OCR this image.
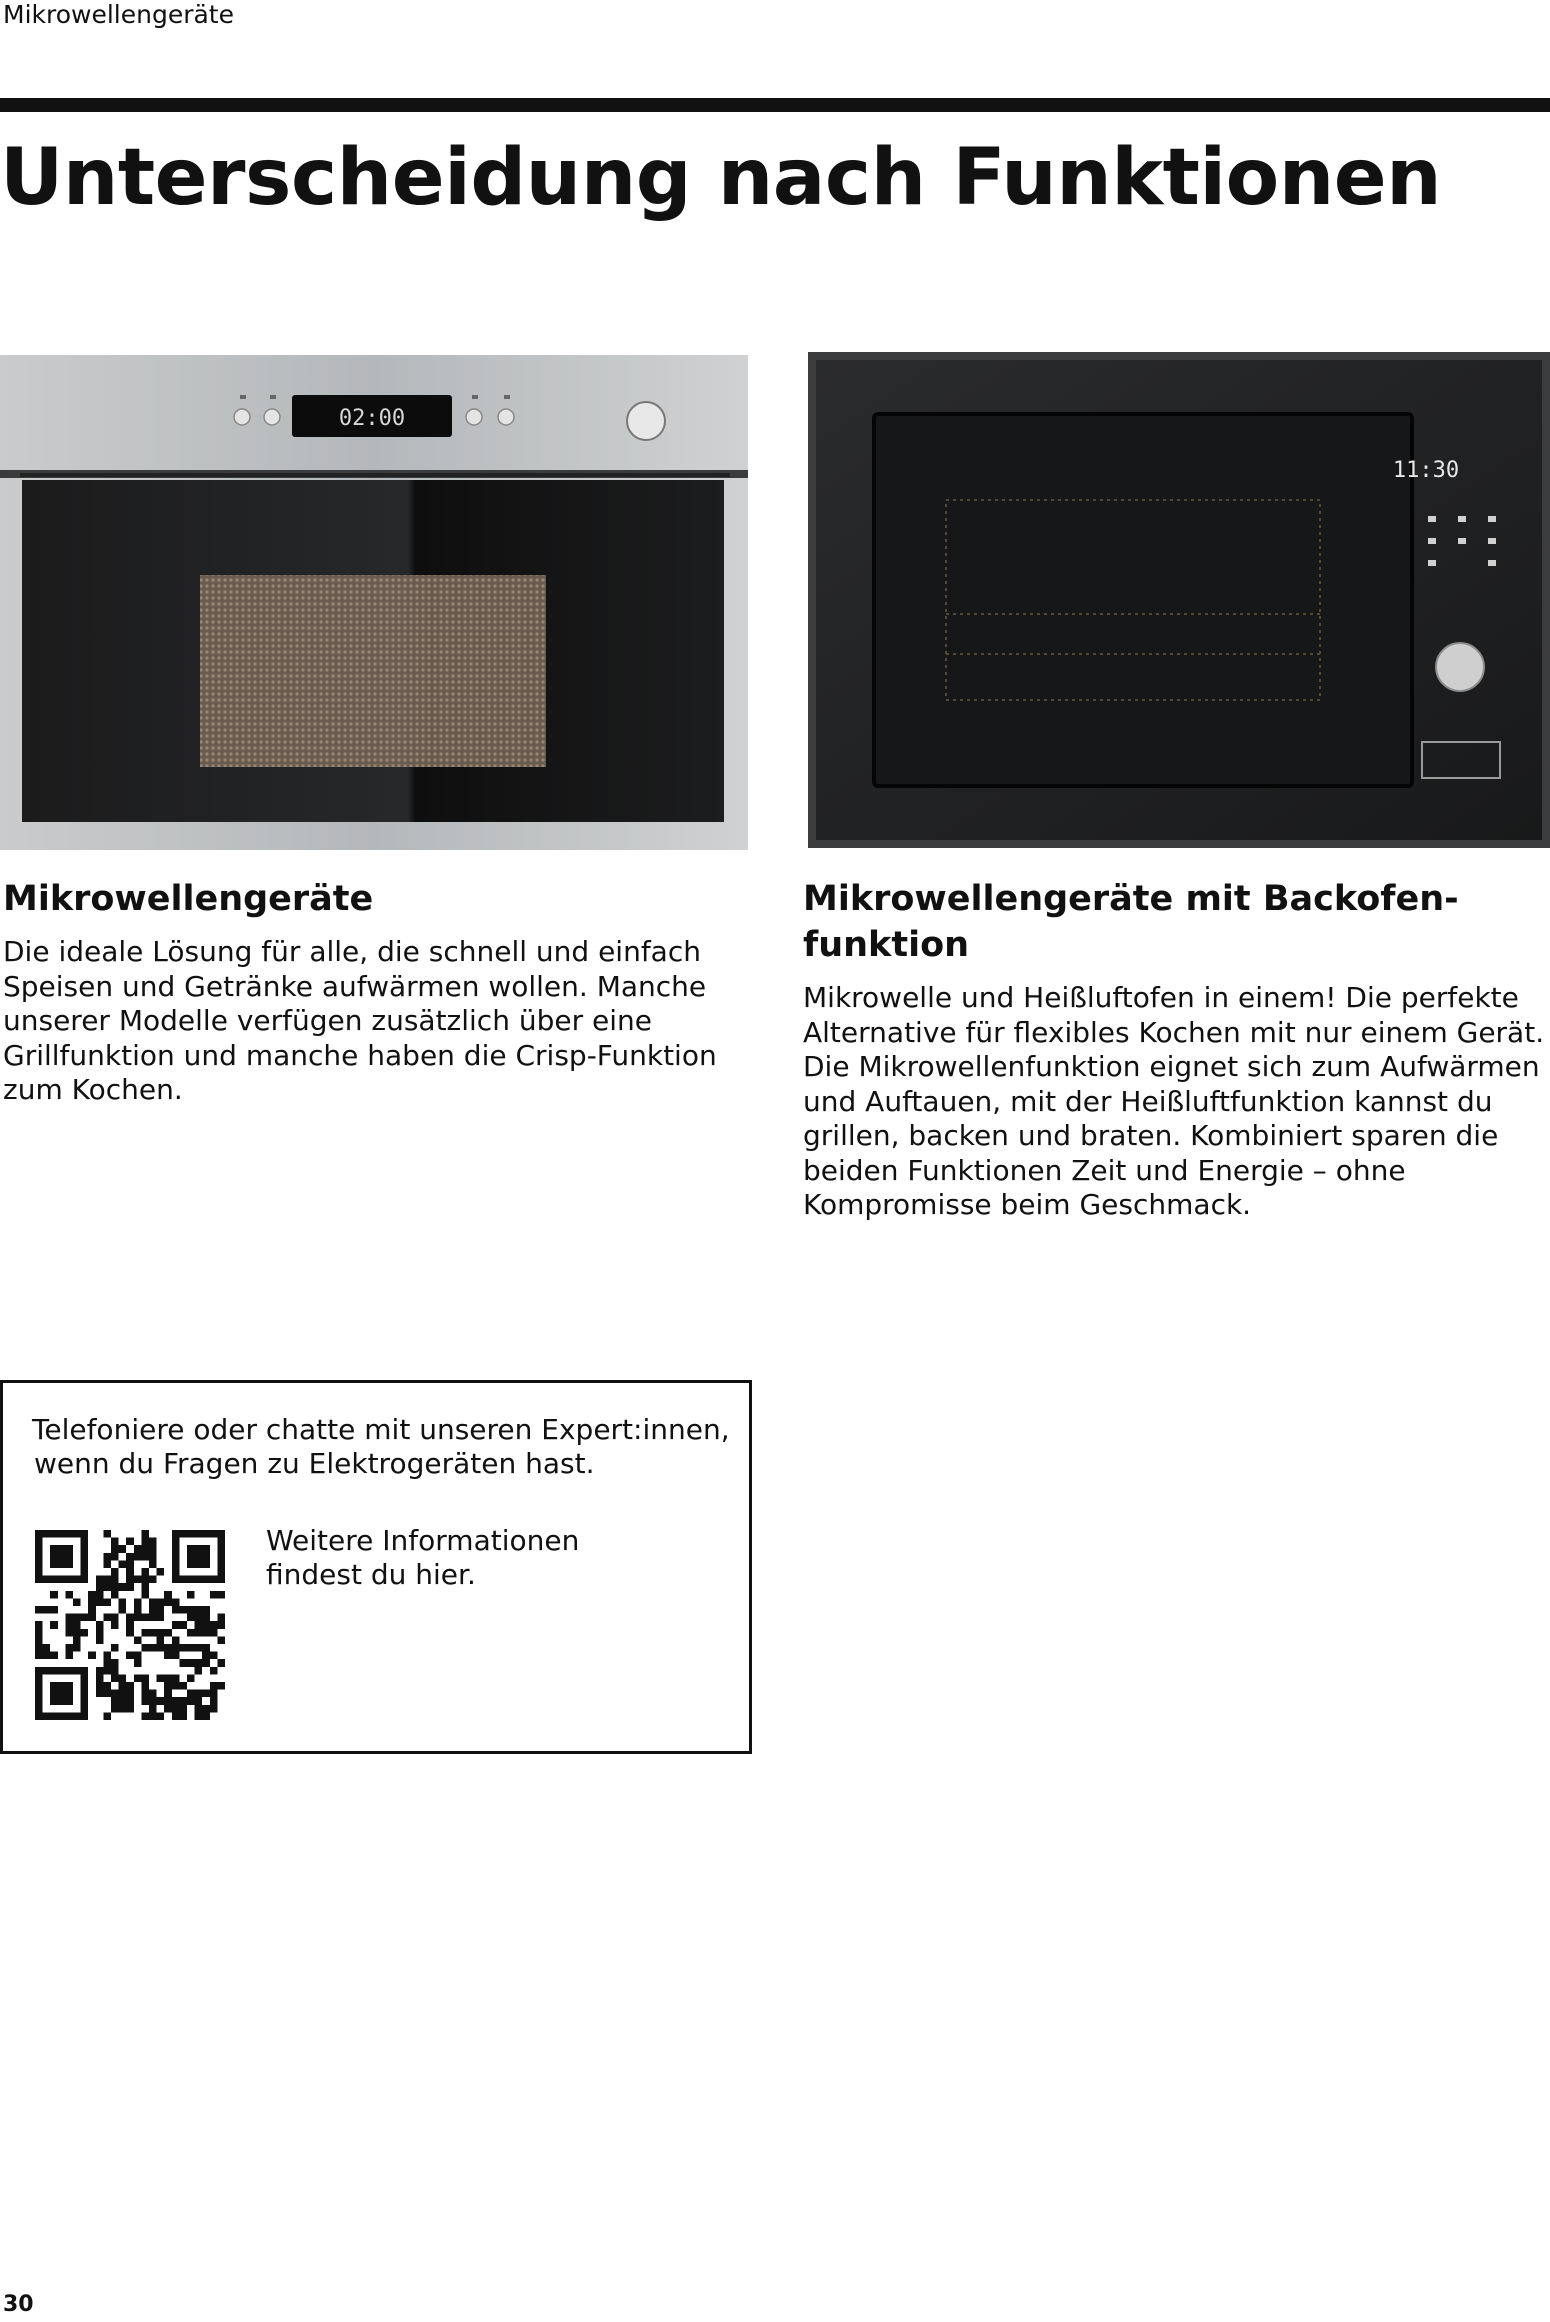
Mikrowellengeräte
Unterscheidung nach Funktionen
02:00
11:30
Mikrowellengeräte

Die ideale Lösung für alle, die schnell und einfach Speisen und Getränke aufwärmen wollen. Manche unserer Modelle verfügen zusätzlich über eine Grillfunktion und manche haben die Crisp-Funktion zum Kochen.

Mikrowellengeräte mit Backofen-
funktion

Mikrowelle und Heißluftofen in einem! Die perfekte Alternative für flexibles Kochen mit nur einem Gerät. Die Mikrowellenfunktion eignet sich zum Aufwärmen und Auftauen, mit der Heißluftfunktion kannst du grillen, backen und braten. Kombiniert sparen die beiden Funktionen Zeit und Energie – ohne Kompromisse beim Geschmack.

Telefoniere oder chatte mit unseren Expert:innen,
wenn du Fragen zu Elektrogeräten hast.
Weitere Informationen
findest du hier.
30
